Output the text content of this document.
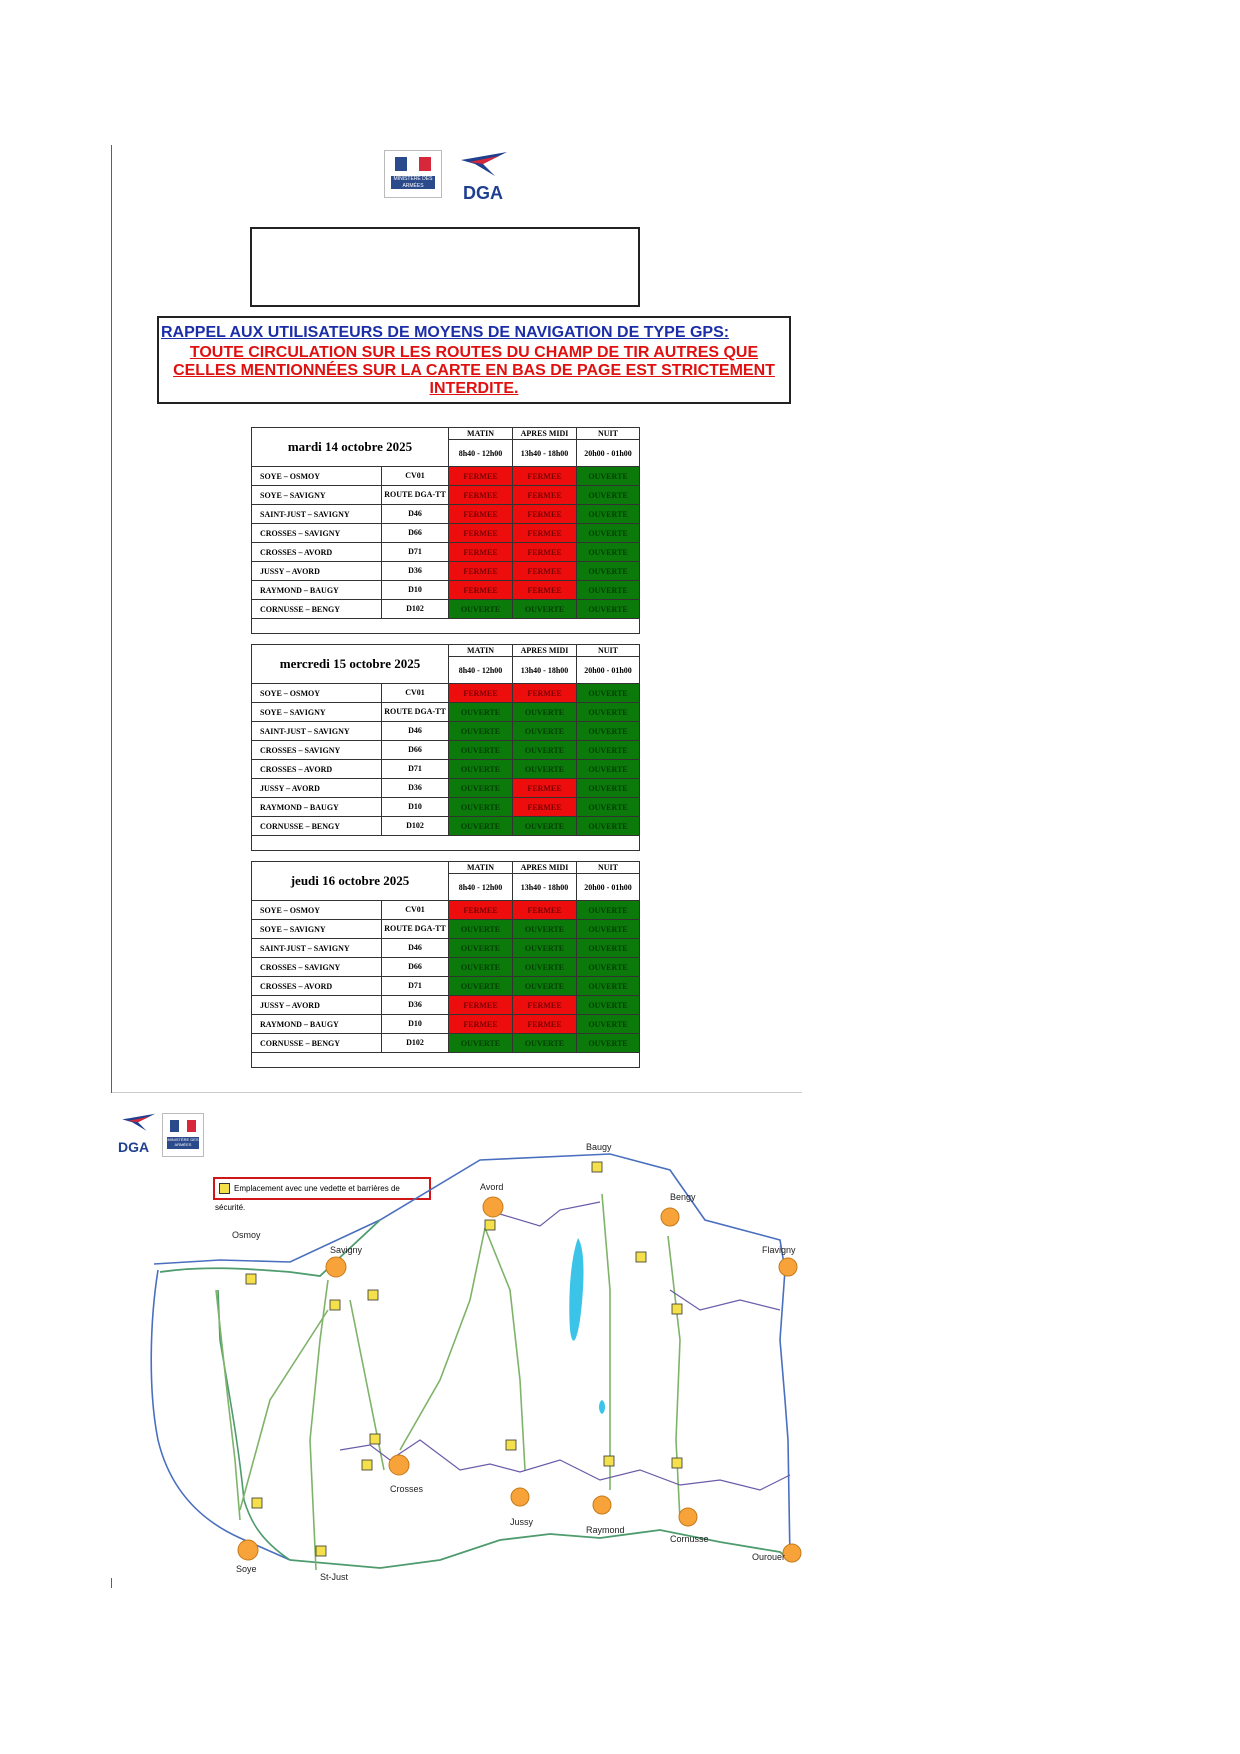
MINISTÈRE DES ARMÉES	DGA
RAPPEL AUX UTILISATEURS DE MOYENS DE NAVIGATION DE TYPE GPS:
TOUTE CIRCULATION SUR LES ROUTES DU CHAMP DE TIR AUTRES QUE CELLES MENTIONNÉES SUR LA CARTE EN BAS DE PAGE EST STRICTEMENT INTERDITE.
mardi 14 octobre 2025		MATIN	APRES MIDI	NUIT
		8h40 - 12h00	13h40 - 18h00	20h00 - 01h00
SOYE – OSMOY	CV01	FERMEE	FERMEE	OUVERTE
SOYE – SAVIGNY	ROUTE DGA-TT	FERMEE	FERMEE	OUVERTE
SAINT-JUST – SAVIGNY	D46	FERMEE	FERMEE	OUVERTE
CROSSES – SAVIGNY	D66	FERMEE	FERMEE	OUVERTE
CROSSES – AVORD	D71	FERMEE	FERMEE	OUVERTE
JUSSY – AVORD	D36	FERMEE	FERMEE	OUVERTE
RAYMOND – BAUGY	D10	FERMEE	FERMEE	OUVERTE
CORNUSSE – BENGY	D102	OUVERTE	OUVERTE	OUVERTE

mercredi 15 octobre 2025		MATIN	APRES MIDI	NUIT
		8h40 - 12h00	13h40 - 18h00	20h00 - 01h00
SOYE – OSMOY	CV01	FERMEE	FERMEE	OUVERTE
SOYE – SAVIGNY	ROUTE DGA-TT	OUVERTE	OUVERTE	OUVERTE
SAINT-JUST – SAVIGNY	D46	OUVERTE	OUVERTE	OUVERTE
CROSSES – SAVIGNY	D66	OUVERTE	OUVERTE	OUVERTE
CROSSES – AVORD	D71	OUVERTE	OUVERTE	OUVERTE
JUSSY – AVORD	D36	OUVERTE	FERMEE	OUVERTE
RAYMOND – BAUGY	D10	OUVERTE	FERMEE	OUVERTE
CORNUSSE – BENGY	D102	OUVERTE	OUVERTE	OUVERTE

jeudi 16 octobre 2025		MATIN	APRES MIDI	NUIT
		8h40 - 12h00	13h40 - 18h00	20h00 - 01h00
SOYE – OSMOY	CV01	FERMEE	FERMEE	OUVERTE
SOYE – SAVIGNY	ROUTE DGA-TT	OUVERTE	OUVERTE	OUVERTE
SAINT-JUST – SAVIGNY	D46	OUVERTE	OUVERTE	OUVERTE
CROSSES – SAVIGNY	D66	OUVERTE	OUVERTE	OUVERTE
CROSSES – AVORD	D71	OUVERTE	OUVERTE	OUVERTE
JUSSY – AVORD	D36	FERMEE	FERMEE	OUVERTE
RAYMOND – BAUGY	D10	FERMEE	FERMEE	OUVERTE
CORNUSSE – BENGY	D102	OUVERTE	OUVERTE	OUVERTE

DGA	MINISTÈRE DES ARMÉES
Emplacement avec une vedette et barrières de sécurité.
Avord
Baugy
Bengy
Osmoy
Savigny	Flavigny
Crosses
Jussy
Raymond
Cornusse
Soye
St-Just
Ourouer
